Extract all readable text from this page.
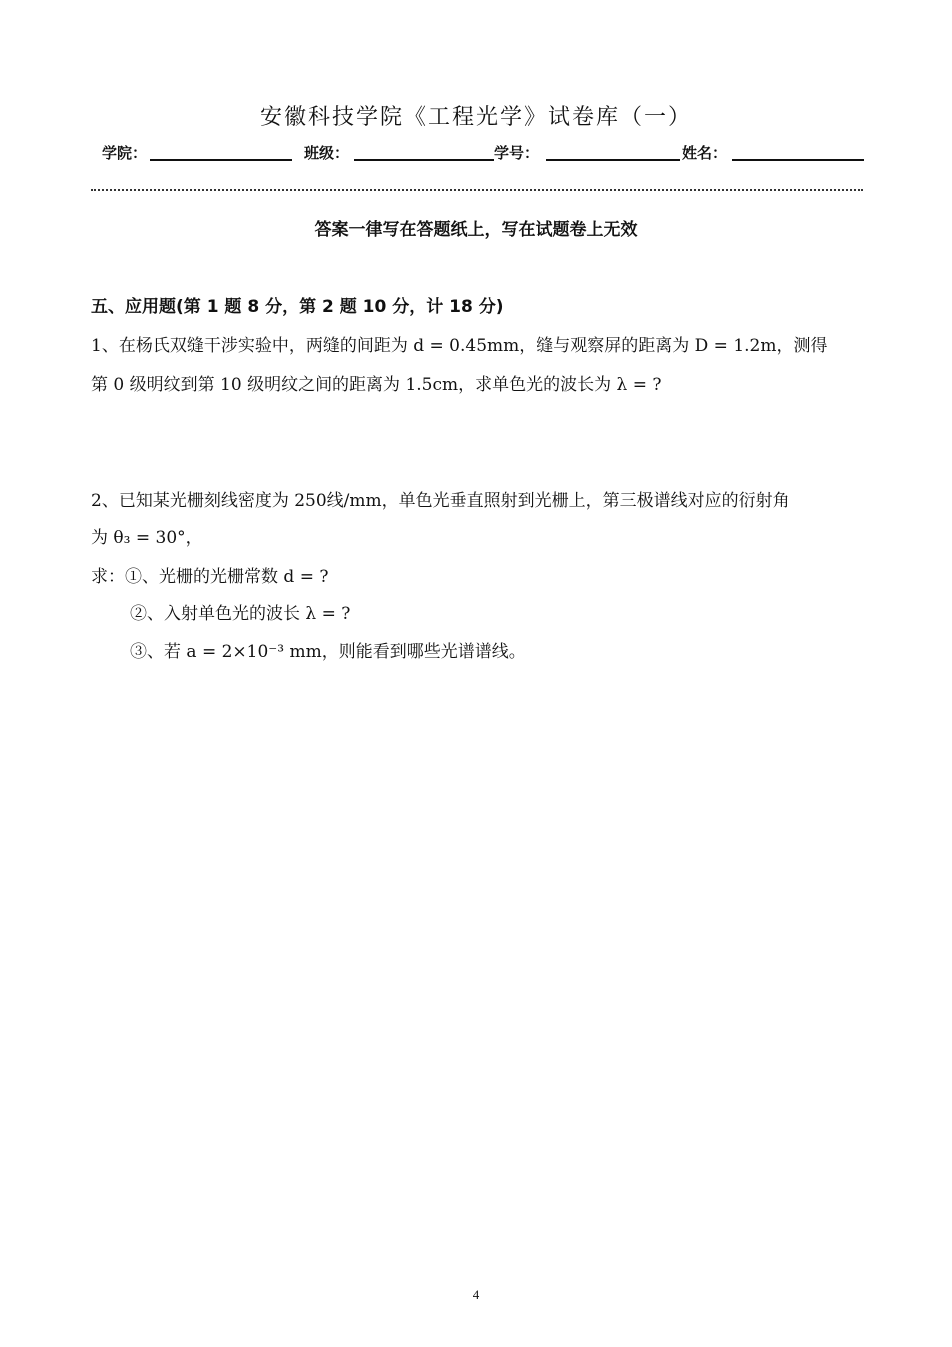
安徽科技学院《工程光学》试卷库（一）
学院：	班级：	学号：	姓名：
答案一律写在答题纸上，写在试题卷上无效
五、应用题(第 1 题 8 分，第 2 题 10 分，计 18 分)
1、在杨氏双缝干涉实验中，两缝的间距为 d = 0.45mm，缝与观察屏的距离为 D = 1.2m，测得
第 0 级明纹到第 10 级明纹之间的距离为 1.5cm，求单色光的波长为 λ = ?
2、已知某光栅刻线密度为 250线/mm，单色光垂直照射到光栅上，第三极谱线对应的衍射角
为 θ₃ = 30°，
求：①、光栅的光栅常数 d = ?
②、入射单色光的波长 λ = ?
③、若 a = 2×10⁻³ mm，则能看到哪些光谱谱线。
4
